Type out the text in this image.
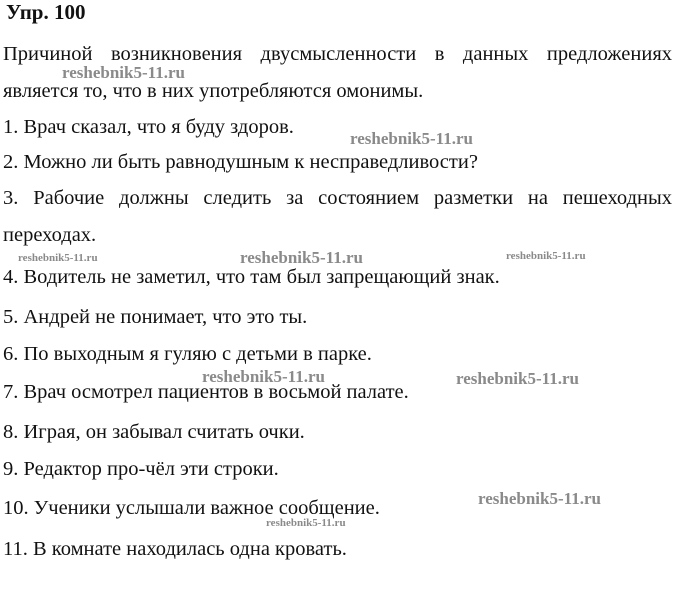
Упр. 100
Причиной возникновения двусмысленности в данных предложениях является то, что в них употребляются омонимы.
1. Врач сказал, что я буду здоров.
2. Можно ли быть равнодушным к несправедливости?
3. Рабочие должны следить за состоянием разметки на пешеходных переходах.
4. Водитель не заметил, что там был запрещающий знак.
5. Андрей не понимает, что это ты.
6. По выходным я гуляю с детьми в парке.
7. Врач осмотрел пациентов в восьмой палате.
8. Играя, он забывал считать очки.
9. Редактор про-чёл эти строки.
10. Ученики услышали важное сообщение.
11. В комнате находилась одна кровать.
reshebnik5-11.ru
reshebnik5-11.ru
reshebnik5-11.ru	reshebnik5-11.ru	reshebnik5-11.ru
reshebnik5-11.ru	reshebnik5-11.ru
reshebnik5-11.ru
reshebnik5-11.ru
